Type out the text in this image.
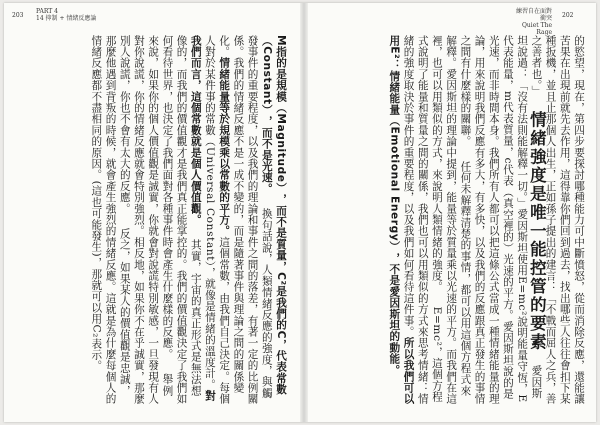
203
PART 4
14 抑制 + 情緒反應論
M指的是規模（Magnitude），而不是質量，C²是我們的C，代表常數（Constant），而不是光速。換句話說，人類情緒反應的強度，與觸發事件的重要程度，以及我們的理論和事件之間的落差，有著一定的比例關係。我們的情緒反應不是一成不變的，而是隨著事件與理論之間的關係變化。情緒能量等於規模乘以常數的平方。這個常數，由我們自己決定。每個人對於某件事的常數（Universal Constant），就像是情緒的溫度計。對我們而言，這個常數就是個人價值觀。其實，宇宙的真正形式是無法想像的，而我們的價值觀才是我們真正能掌控的。我們的價值觀決定了我們如何看待世界，也決定了我們面對各種事件時會產生什麼樣的反應。舉例來說，如果你的個人價值觀是誠實，你就會對說謊特別敏感，一旦發現有人對你說謊，你的情緒反應就會特別強烈。相反地，如果你不在乎誠實，那麼別人說謊，你也不會有太大的反應。反之，如果某人的價值觀是忠誠，那麼他遇到背叛的時候，就會產生強烈的情緒反應。這就是為什麼每個人的情緒反應都不盡相同的原因。(這也可能發生)，那就可以用C₂表示。
練習自在面對衝突
Quiet The Rage
202
的慾望，現在，第四步要探討哪種能力可中斷憤怒，從而消除反應，還能讓苦果在出現前就先去作用，這得靠你們回到過去，找出哪些人往往會扣下某種扳機，並且止那個人出生，正如孫子提出的建言：「不戰而屈人之兵，善之善者也。」情緒強度是唯一能控管的要素愛因斯坦說過：「沒有法則能解釋一切。」愛因斯坦使用E=mc²說明能量守恆，E代表能量，m代表質量，c代表（真空裡的）光速的平方。愛因斯坦說的是光速，而非時間本身。我們所有人都可以把這條公式當成一種情緒能量的理論，用來說明我們反應有多大，有多快，以及我們的反應跟真正發生的事情之間有什麼樣的關聯。任何未解釋清楚的事情，都可以用這個方程式來解釋。愛因斯坦的理論中提到，能量等於質量乘以光速的平方。而我們在這裡，也可以用類似的方式，來說明人類情緒的強度。E=mc²，這個方程式說明了能量和質量之間的關係，我們也可以用類似的方式來思考情緒：情緒的強度取決於事件的重要程度，以及我們如何看待這件事。所以我們可以用E²：情緒能量（Emotional Energy），不是愛因斯坦的動能。
